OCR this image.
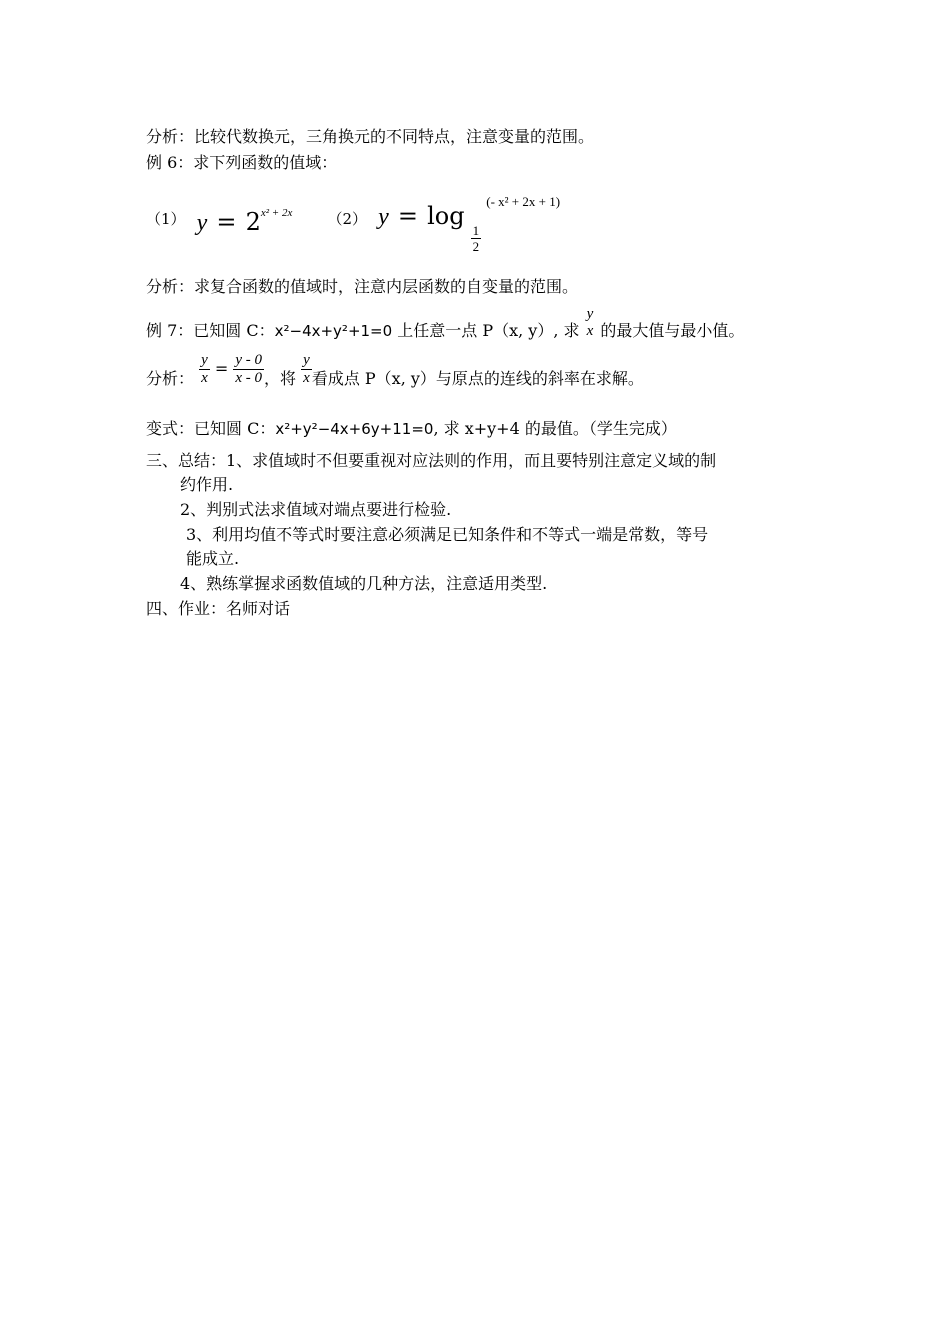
分析：比较代数换元，三角换元的不同特点，注意变量的范围。
例 6：求下列函数的值域：
（1） $y = 2^{x^2 + 2x}$ （2） y = log
$\frac{1}{2}$
$^{(- x^2 + 2x + 1)}$
分析：求复合函数的值域时，注意内层函数的自变量的范围。
例 7：已知圆 C：x²−4x+y²+1=0 上任意一点 P（x, y）, 求
y
x 的最大值与最小值。
分析： $\frac{y}{x} = \frac{y - 0}{x - 0}$ ，将 $\frac{y}{x}$ 看成点 P（x, y）与原点的连线的斜率在求解。
变式：已知圆 C：x²+y²−4x+6y+11=0, 求 x+y+4 的最值。（学生完成）
三、总结：1、求值域时不但要重视对应法则的作用，而且要特别注意定义域的制
约作用.
2、判别式法求值域对端点要进行检验.
3、利用均值不等式时要注意必须满足已知条件和不等式一端是常数，等号
能成立.
4、熟练掌握求函数值域的几种方法，注意适用类型.
四、作业：名师对话
